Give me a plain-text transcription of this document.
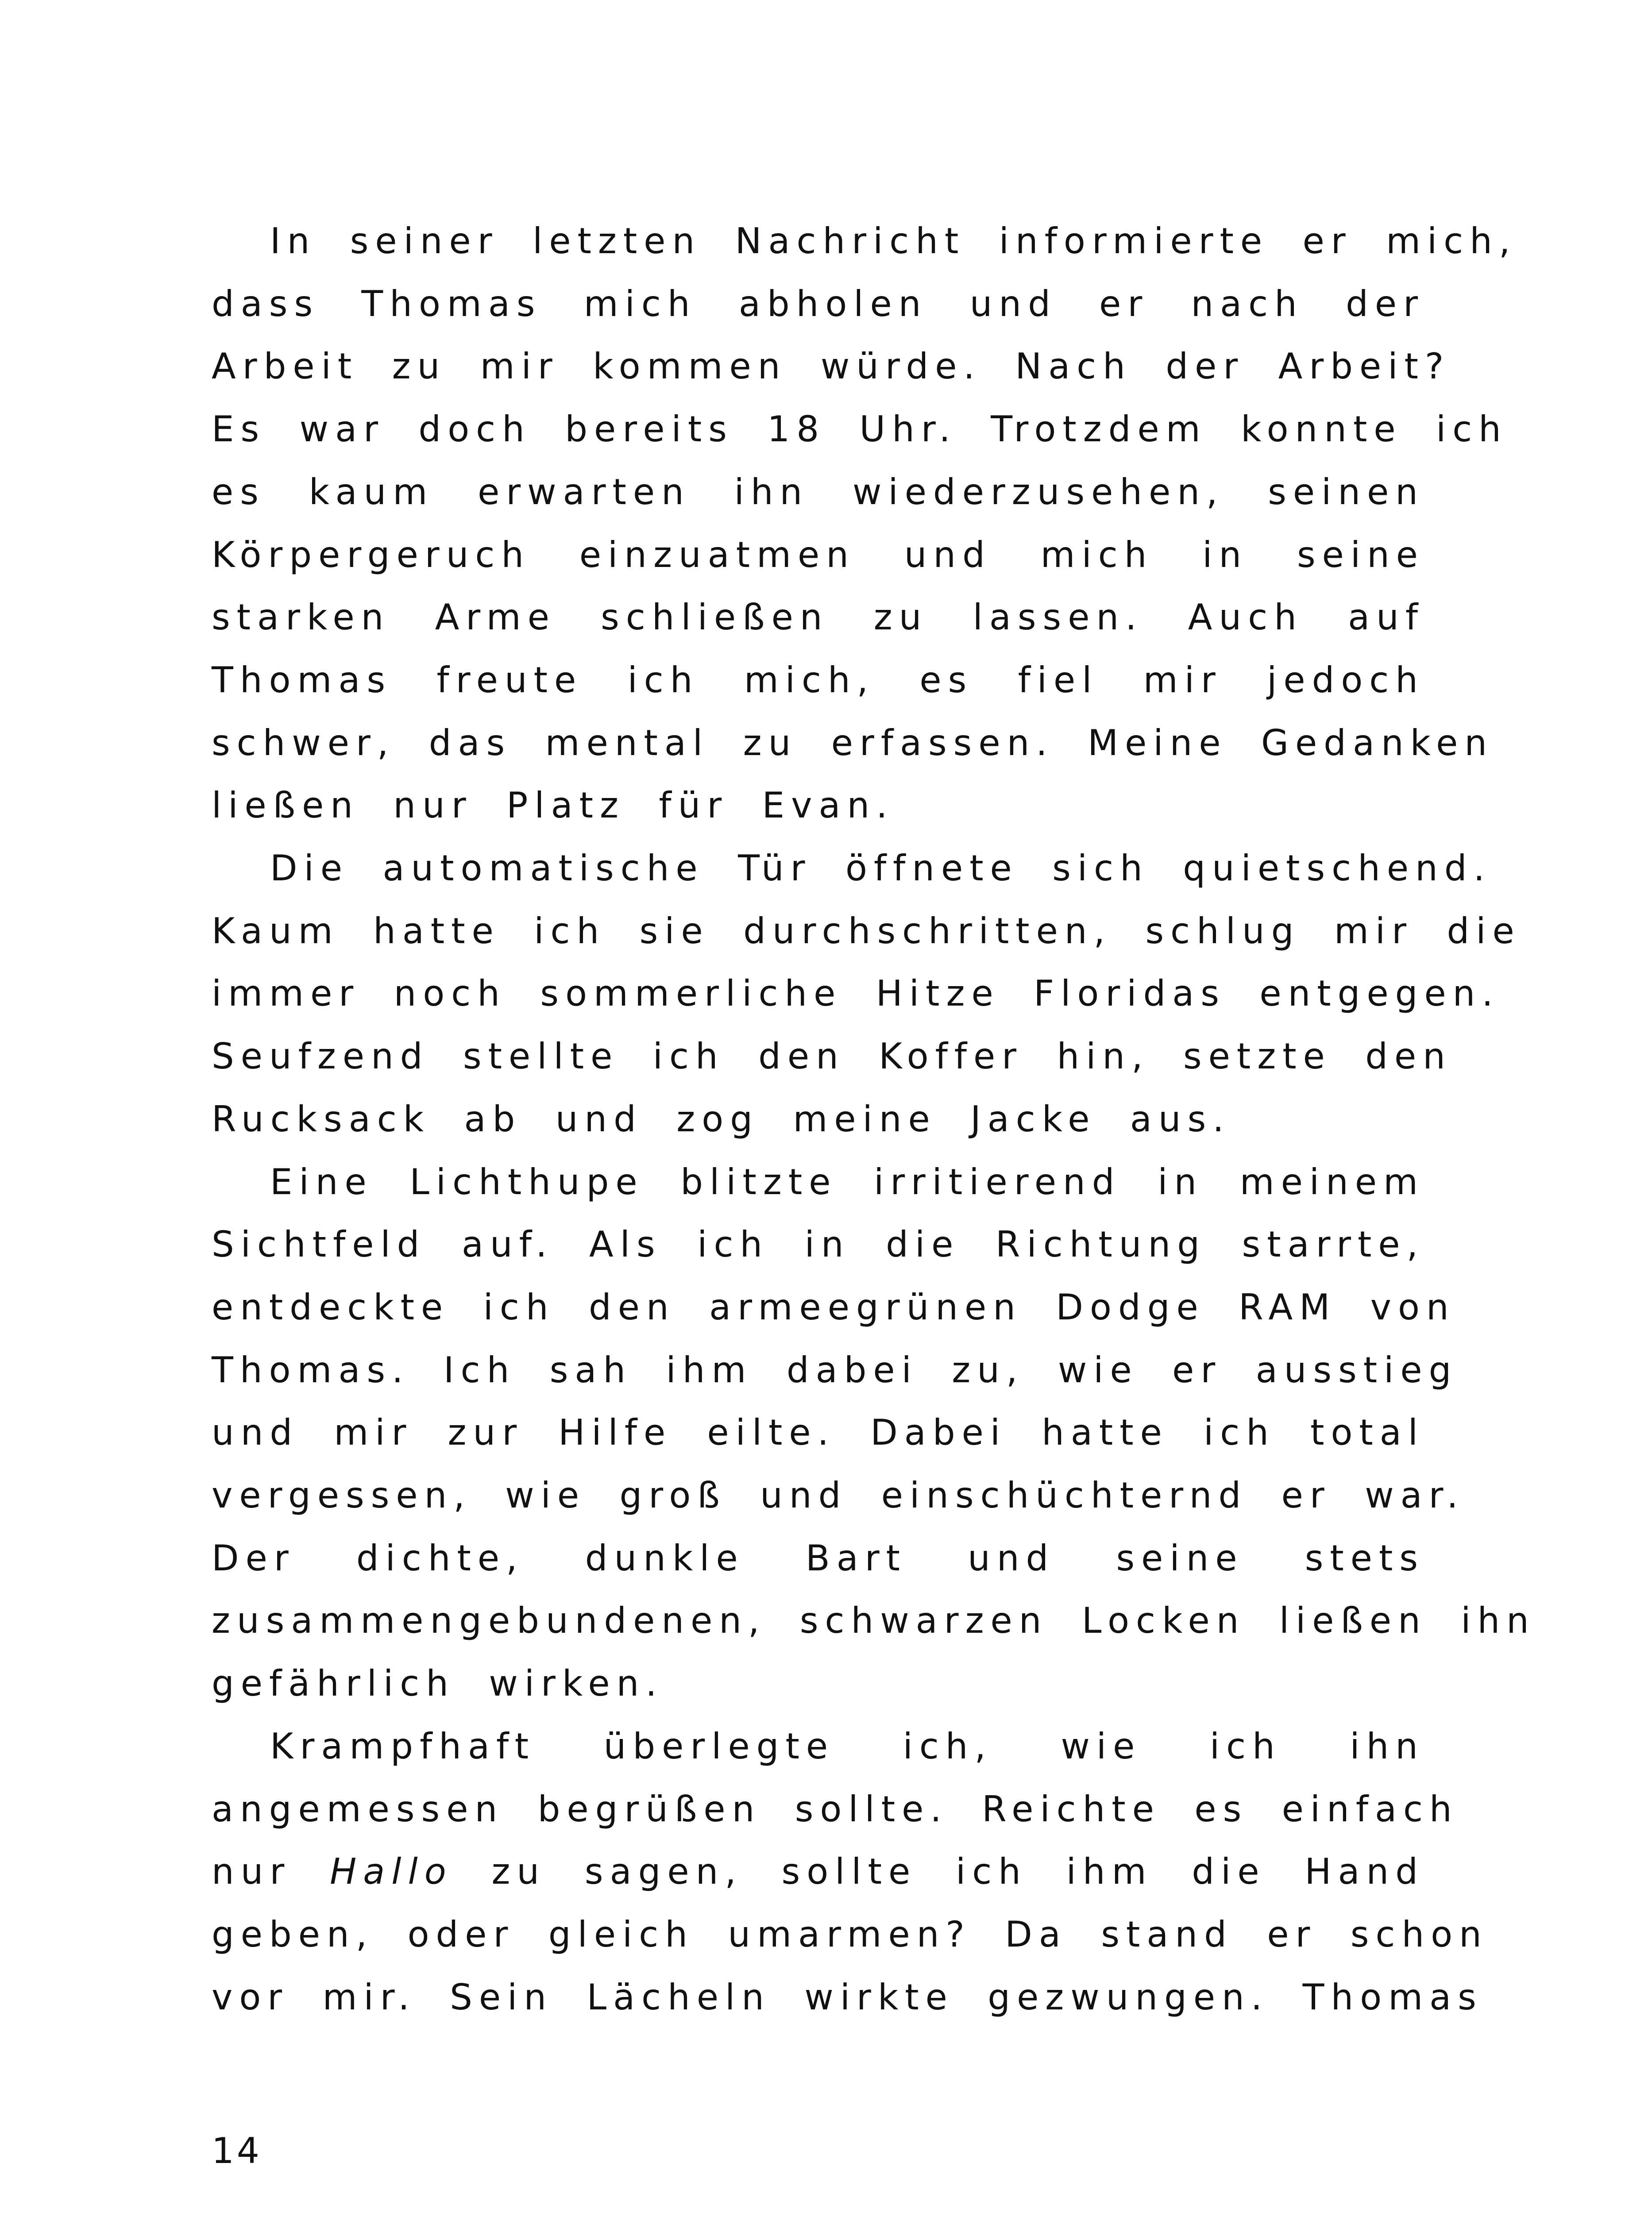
In seiner letzten Nachricht informierte er mich,
dass Thomas mich abholen und er nach der
Arbeit zu mir kommen würde. Nach der Arbeit?
Es war doch bereits 18 Uhr. Trotzdem konnte ich
es kaum erwarten ihn wiederzusehen, seinen
Körpergeruch einzuatmen und mich in seine
starken Arme schließen zu lassen. Auch auf
Thomas freute ich mich, es fiel mir jedoch
schwer, das mental zu erfassen. Meine Gedanken
ließen nur Platz für Evan.
Die automatische Tür öffnete sich quietschend.
Kaum hatte ich sie durchschritten, schlug mir die
immer noch sommerliche Hitze Floridas entgegen.
Seufzend stellte ich den Koffer hin, setzte den
Rucksack ab und zog meine Jacke aus.
Eine Lichthupe blitzte irritierend in meinem
Sichtfeld auf. Als ich in die Richtung starrte,
entdeckte ich den armeegrünen Dodge RAM von
Thomas. Ich sah ihm dabei zu, wie er ausstieg
und mir zur Hilfe eilte. Dabei hatte ich total
vergessen, wie groß und einschüchternd er war.
Der dichte, dunkle Bart und seine stets
zusammengebundenen, schwarzen Locken ließen ihn
gefährlich wirken.
Krampfhaft überlegte ich, wie ich ihn
angemessen begrüßen sollte. Reichte es einfach
nur Hallo zu sagen, sollte ich ihm die Hand
geben, oder gleich umarmen? Da stand er schon
vor mir. Sein Lächeln wirkte gezwungen. Thomas
14
